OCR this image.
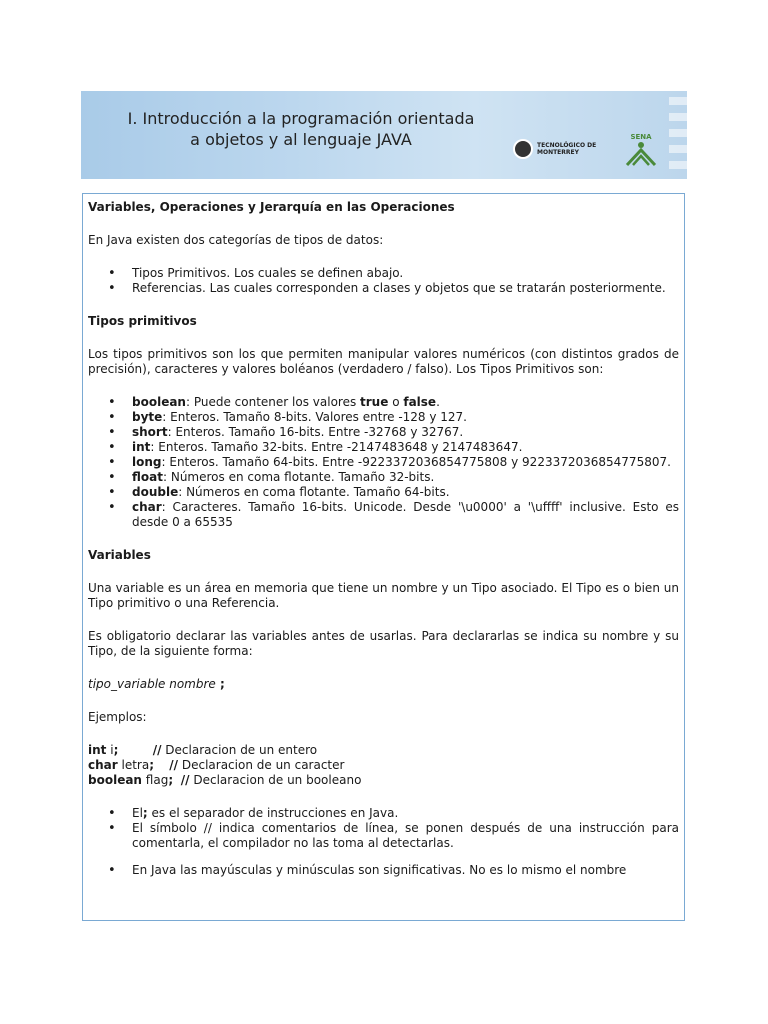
I. Introducción a la programación orientada
a objetos y al lenguaje JAVA	TECNOLÓGICO DE MONTERREY
SENA

Variables, Operaciones y Jerarquía en las Operaciones

En Java existen dos categorías de tipos de datos:

• Tipos Primitivos. Los cuales se definen abajo.
• Referencias. Las cuales corresponden a clases y objetos que se tratarán posteriormente.

Tipos primitivos

Los tipos primitivos son los que permiten manipular valores numéricos (con distintos grados de precisión), caracteres y valores boléanos (verdadero / falso). Los Tipos Primitivos son:

• boolean: Puede contener los valores true o false.
• byte: Enteros. Tamaño 8-bits. Valores entre -128 y 127.
• short: Enteros. Tamaño 16-bits. Entre -32768 y 32767.
• int: Enteros. Tamaño 32-bits. Entre -2147483648 y 2147483647.
• long: Enteros. Tamaño 64-bits. Entre -9223372036854775808 y 9223372036854775807.
• float: Números en coma flotante. Tamaño 32-bits.
• double: Números en coma flotante. Tamaño 64-bits.
• char: Caracteres. Tamaño 16-bits. Unicode. Desde '\u0000' a '\uffff' inclusive. Esto es desde 0 a 65535

Variables

Una variable es un área en memoria que tiene un nombre y un Tipo asociado. El Tipo es o bien un Tipo primitivo o una Referencia.

Es obligatorio declarar las variables antes de usarlas. Para declararlas se indica su nombre y su Tipo, de la siguiente forma:

tipo_variable nombre ;

Ejemplos:

int i;	// Declaracion de un entero
char letra; // Declaracion de un caracter
boolean flag; // Declaracion de un booleano
• El; es el separador de instrucciones en Java.
• El símbolo // indica comentarios de línea, se ponen después de una instrucción para comentarla, el compilador no las toma al detectarlas.
• En Java las mayúsculas y minúsculas son significativas. No es lo mismo el nombre
